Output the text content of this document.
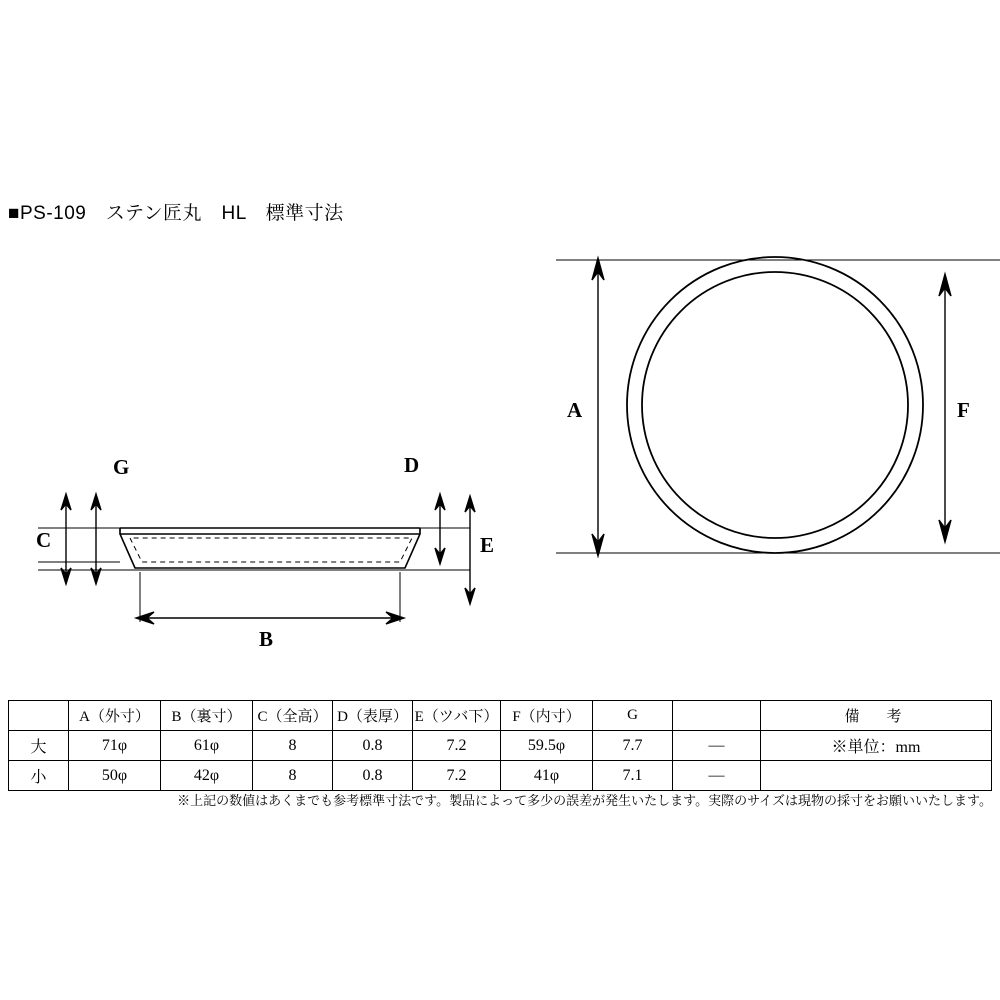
■PS-109　ステン匠丸　HL　標準寸法
G	D
C	E
B
A	F
	A（外寸）	B（裏寸）	C（全高）	D（表厚）	E（ツバ下）	F（内寸）	G		備　考
大	71φ	61φ	8	0.8	7.2	59.5φ	7.7	―	※単位：mm
小	50φ	42φ	8	0.8	7.2	41φ	7.1	―	
※上記の数値はあくまでも参考標準寸法です。製品によって多少の誤差が発生いたします。実際のサイズは現物の採寸をお願いいたします。
